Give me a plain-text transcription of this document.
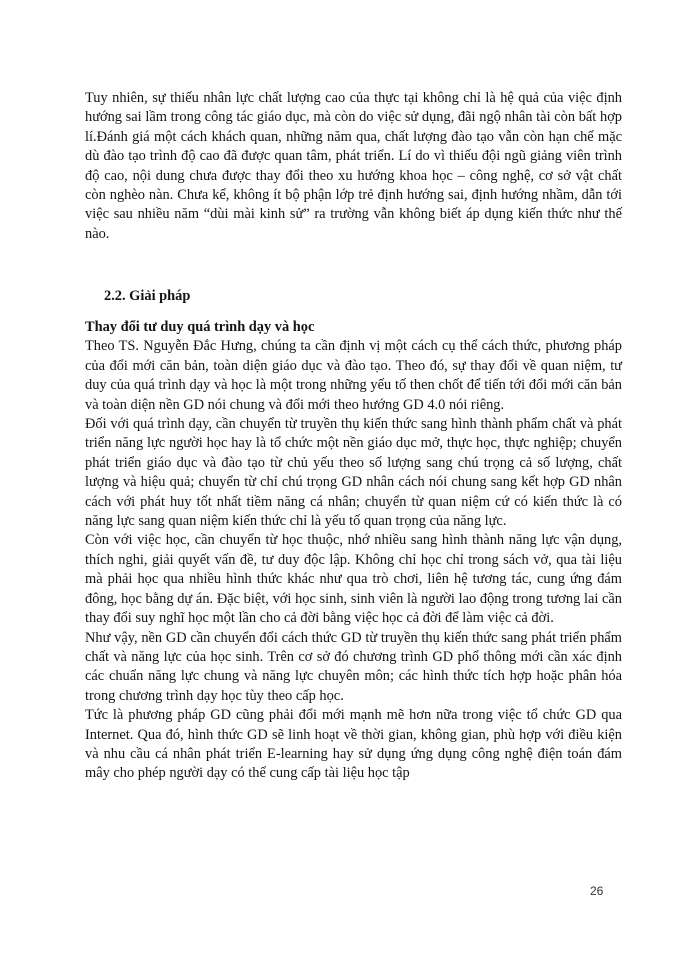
Tuy nhiên, sự thiếu nhân lực chất lượng cao của thực tại không chỉ là hệ quả của việc định hướng sai lầm trong công tác giáo dục, mà còn do việc sử dụng, đãi ngộ nhân tài còn bất hợp lí.Đánh giá một cách khách quan, những năm qua, chất lượng đào tạo vẫn còn hạn chế mặc dù đào tạo trình độ cao đã được quan tâm, phát triển. Lí do vì thiếu đội ngũ giảng viên trình độ cao, nội dung chưa được thay đổi theo xu hướng khoa học – công nghệ, cơ sở vật chất còn nghèo nàn. Chưa kể, không ít bộ phận lớp trẻ định hướng sai, định hướng nhầm, dẫn tới việc sau nhiều năm “dùi mài kinh sử” ra trường vẫn không biết áp dụng kiến thức như thế nào.
2.2. Giải pháp
Thay đổi tư duy quá trình dạy và học

Theo TS. Nguyễn Đắc Hưng, chúng ta cần định vị một cách cụ thể cách thức, phương pháp của đổi mới căn bản, toàn diện giáo dục và đào tạo. Theo đó, sự thay đổi về quan niệm, tư duy của quá trình dạy và học là một trong những yếu tố then chốt để tiến tới đổi mới căn bản và toàn diện nền GD nói chung và đổi mới theo hướng GD 4.0 nói riêng.

Đối với quá trình dạy, cần chuyển từ truyền thụ kiến thức sang hình thành phẩm chất và phát triển năng lực người học hay là tổ chức một nền giáo dục mở, thực học, thực nghiệp; chuyển phát triển giáo dục và đào tạo từ chủ yếu theo số lượng sang chú trọng cả số lượng, chất lượng và hiệu quả; chuyển từ chỉ chú trọng GD nhân cách nói chung sang kết hợp GD nhân cách với phát huy tốt nhất tiềm năng cá nhân; chuyển từ quan niệm cứ có kiến thức là có năng lực sang quan niệm kiến thức chỉ là yếu tố quan trọng của năng lực.

Còn với việc học, cần chuyển từ học thuộc, nhớ nhiều sang hình thành năng lực vận dụng, thích nghi, giải quyết vấn đề, tư duy độc lập. Không chỉ học chỉ trong sách vở, qua tài liệu mà phải học qua nhiều hình thức khác như qua trò chơi, liên hệ tương tác, cung ứng đám đông, học bằng dự án. Đặc biệt, với học sinh, sinh viên là người lao động trong tương lai cần thay đổi suy nghĩ học một lần cho cả đời bằng việc học cả đời để làm việc cả đời.

Như vậy, nền GD cần chuyển đổi cách thức GD từ truyền thụ kiến thức sang phát triển phẩm chất và năng lực của học sinh. Trên cơ sở đó chương trình GD phổ thông mới cần xác định các chuẩn năng lực chung và năng lực chuyên môn; các hình thức tích hợp hoặc phân hóa trong chương trình dạy học tùy theo cấp học.

Tức là phương pháp GD cũng phải đổi mới mạnh mẽ hơn nữa trong việc tổ chức GD qua Internet. Qua đó, hình thức GD sẽ linh hoạt về thời gian, không gian, phù hợp với điều kiện và nhu cầu cá nhân phát triển E-learning hay sử dụng ứng dụng công nghệ điện toán đám mây cho phép người dạy có thể cung cấp tài liệu học tập

26
